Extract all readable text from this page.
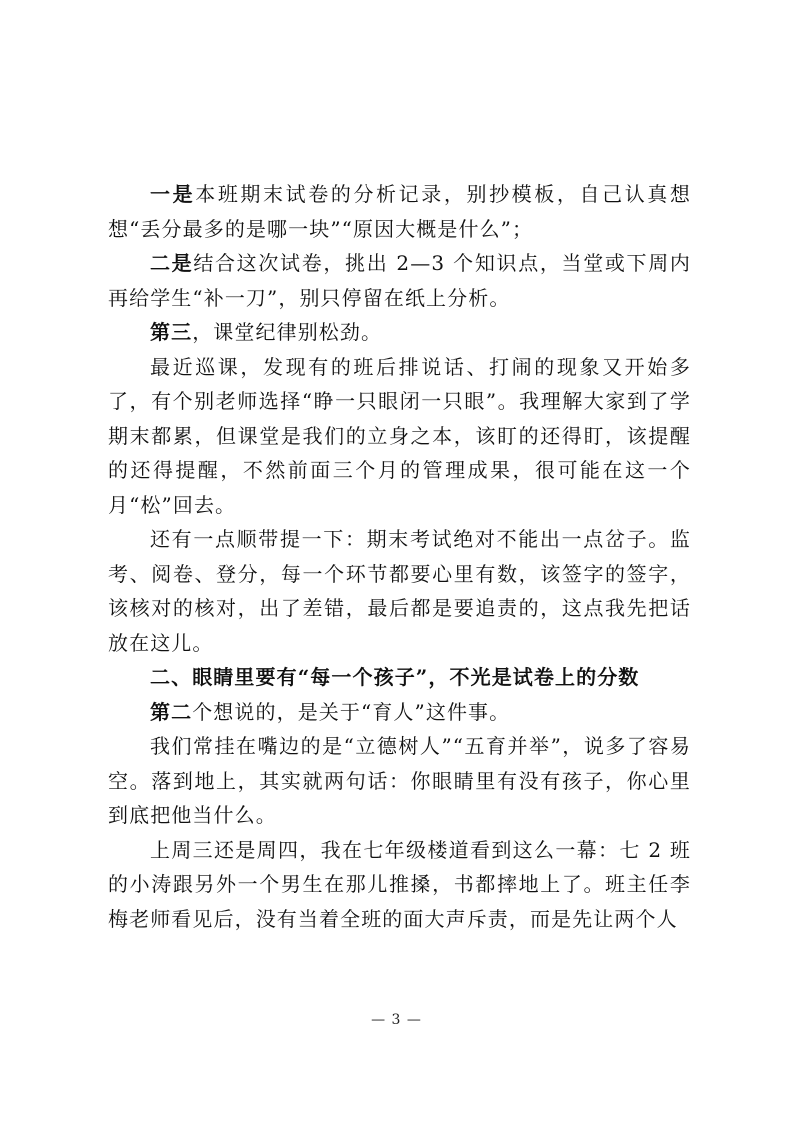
一是本班期末试卷的分析记录，别抄模板，自己认真想想“丢分最多的是哪一块”“原因大概是什么”；

二是结合这次试卷，挑出 2—3 个知识点，当堂或下周内再给学生“补一刀”，别只停留在纸上分析。

第三，课堂纪律别松劲。

最近巡课，发现有的班后排说话、打闹的现象又开始多了，有个别老师选择“睁一只眼闭一只眼”。我理解大家到了学期末都累，但课堂是我们的立身之本，该盯的还得盯，该提醒的还得提醒，不然前面三个月的管理成果，很可能在这一个月“松”回去。

还有一点顺带提一下：期末考试绝对不能出一点岔子。监考、阅卷、登分，每一个环节都要心里有数，该签字的签字，该核对的核对，出了差错，最后都是要追责的，这点我先把话放在这儿。

二、眼睛里要有“每一个孩子”，不光是试卷上的分数

第二个想说的，是关于“育人”这件事。

我们常挂在嘴边的是“立德树人”“五育并举”，说多了容易空。落到地上，其实就两句话：你眼睛里有没有孩子，你心里到底把他当什么。

上周三还是周四，我在七年级楼道看到这么一幕：七 2 班的小涛跟另外一个男生在那儿推搡，书都摔地上了。班主任李梅老师看见后，没有当着全班的面大声斥责，而是先让两个人

— 3 —
